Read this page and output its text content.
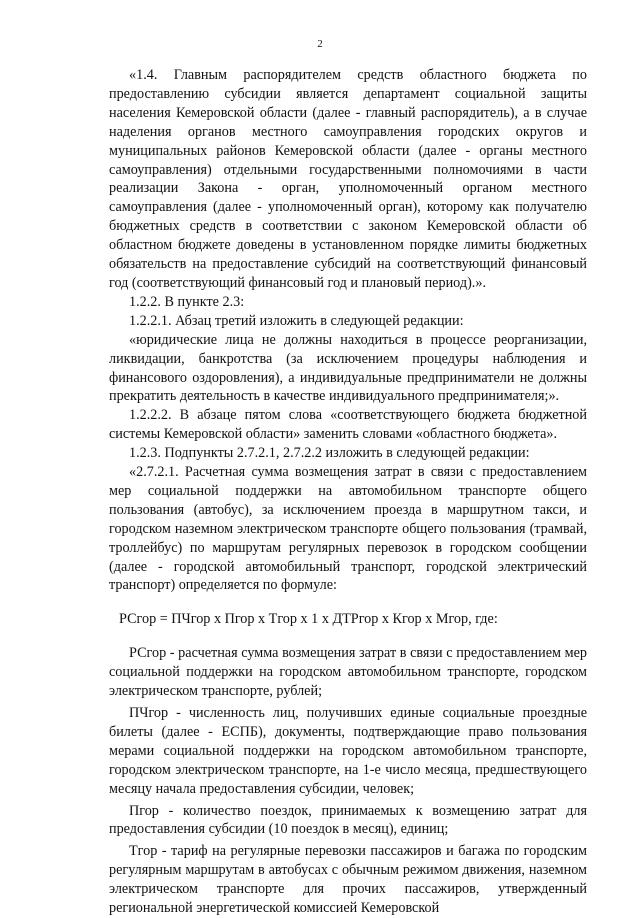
2

«1.4. Главным распорядителем средств областного бюджета по предоставлению субсидии является департамент социальной защиты населения Кемеровской области (далее - главный распорядитель), а в случае наделения органов местного самоуправления городских округов и муниципальных районов Кемеровской области (далее - органы местного самоуправления) отдельными государственными полномочиями в части реализации Закона - орган, уполномоченный органом местного самоуправления (далее - уполномоченный орган), которому как получателю бюджетных средств в соответствии с законом Кемеровской области об областном бюджете доведены в установленном порядке лимиты бюджетных обязательств на предоставление субсидий на соответствующий финансовый год (соответствующий финансовый год и плановый период).».

1.2.2. В пункте 2.3:

1.2.2.1. Абзац третий изложить в следующей редакции:

«юридические лица не должны находиться в процессе реорганизации, ликвидации, банкротства (за исключением процедуры наблюдения и финансового оздоровления), а индивидуальные предприниматели не должны прекратить деятельность в качестве индивидуального предпринимателя;».

1.2.2.2. В абзаце пятом слова «соответствующего бюджета бюджетной системы Кемеровской области» заменить словами «областного бюджета».

1.2.3. Подпункты 2.7.2.1, 2.7.2.2 изложить в следующей редакции:

«2.7.2.1. Расчетная сумма возмещения затрат в связи с предоставлением мер социальной поддержки на автомобильном транспорте общего пользования (автобус), за исключением проезда в маршрутном такси, и городском наземном электрическом транспорте общего пользования (трамвай, троллейбус) по маршрутам регулярных перевозок в городском сообщении (далее - городской автомобильный транспорт, городской электрический транспорт) определяется по формуле:

РСгор = ПЧгор x Пгор x Тгор x 1 x ДТРгор x Кгор x Мгор, где:

РСгор - расчетная сумма возмещения затрат в связи с предоставлением мер социальной поддержки на городском автомобильном транспорте, городском электрическом транспорте, рублей;

ПЧгор - численность лиц, получивших единые социальные проездные билеты (далее - ЕСПБ), документы, подтверждающие право пользования мерами социальной поддержки на городском автомобильном транспорте, городском электрическом транспорте, на 1-е число месяца, предшествующего месяцу начала предоставления субсидии, человек;

Пгор - количество поездок, принимаемых к возмещению затрат для предоставления субсидии (10 поездок в месяц), единиц;

Тгор - тариф на регулярные перевозки пассажиров и багажа по городским регулярным маршрутам в автобусах с обычным режимом движения, наземном электрическом транспорте для прочих пассажиров, утвержденный региональной энергетической комиссией Кемеровской
